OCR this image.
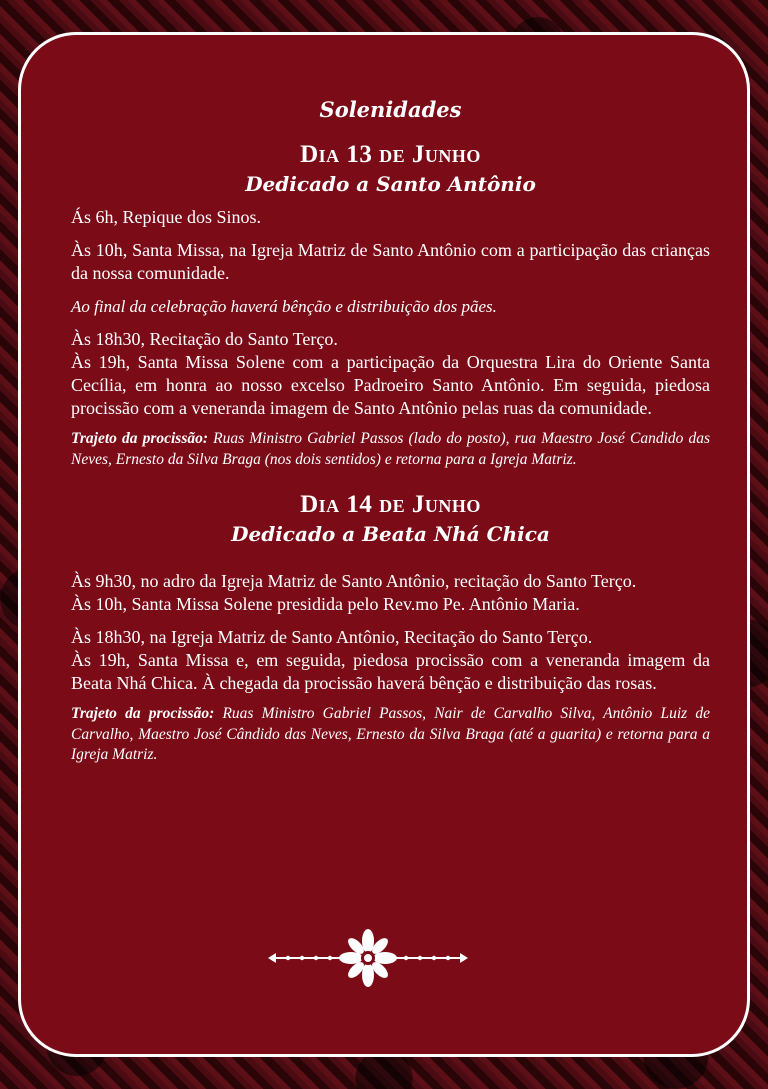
Solenidades
Dia 13 de Junho
Dedicado a Santo Antônio

Ás 6h, Repique dos Sinos.

Às 10h, Santa Missa, na Igreja Matriz de Santo Antônio com a participação das crianças da nossa comunidade.

Ao final da celebração haverá bênção e distribuição dos pães.

Às 18h30, Recitação do Santo Terço.

Às 19h, Santa Missa Solene com a participação da Orquestra Lira do Oriente Santa Cecília, em honra ao nosso excelso Padroeiro Santo Antônio. Em seguida, piedosa procissão com a veneranda imagem de Santo Antônio pelas ruas da comunidade.

Trajeto da procissão: Ruas Ministro Gabriel Passos (lado do posto), rua Maestro José Candido das Neves, Ernesto da Silva Braga (nos dois sentidos) e retorna para a Igreja Matriz.

Dia 14 de Junho
Dedicado a Beata Nhá Chica

Às 9h30, no adro da Igreja Matriz de Santo Antônio, recitação do Santo Terço.

Às 10h, Santa Missa Solene presidida pelo Rev.mo Pe. Antônio Maria.

Às 18h30, na Igreja Matriz de Santo Antônio, Recitação do Santo Terço.

Às 19h, Santa Missa e, em seguida, piedosa procissão com a veneranda imagem da Beata Nhá Chica. À chegada da procissão haverá bênção e distribuição das rosas.

Trajeto da procissão: Ruas Ministro Gabriel Passos, Nair de Carvalho Silva, Antônio Luiz de Carvalho, Maestro José Cândido das Neves, Ernesto da Silva Braga (até a guarita) e retorna para a Igreja Matriz.
